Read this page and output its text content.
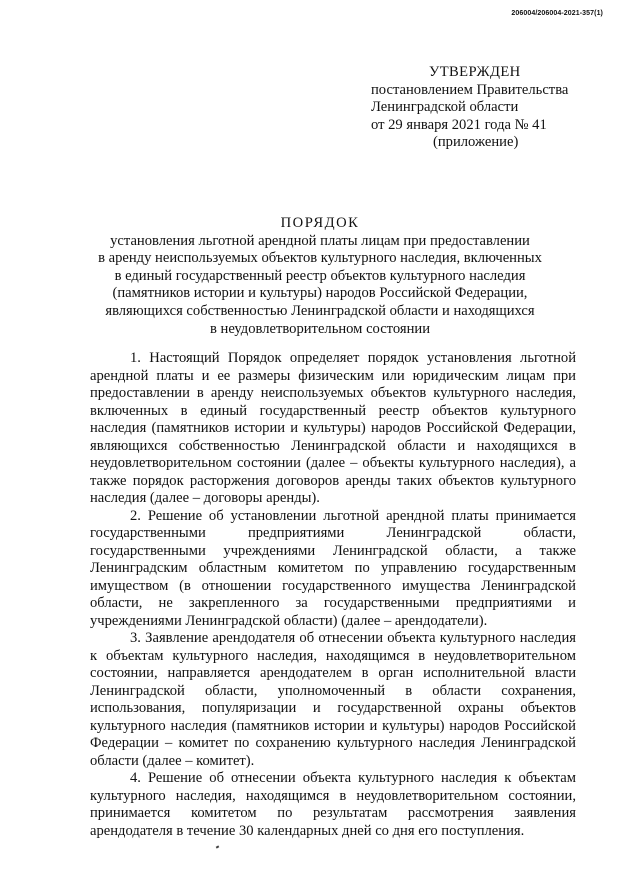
206004/206004-2021-357(1)
УТВЕРЖДЕН
постановлением Правительства
Ленинградской области
от 29 января 2021 года № 41
(приложение)
ПОРЯДОК
установления льготной арендной платы лицам при предоставлении
в аренду неиспользуемых объектов культурного наследия, включенных
в единый государственный реестр объектов культурного наследия
(памятников истории и культуры) народов Российской Федерации,
являющихся собственностью Ленинградской области и находящихся
в неудовлетворительном состоянии

1. Настоящий Порядок определяет порядок установления льготной арендной платы и ее размеры физическим или юридическим лицам при предоставлении в аренду неиспользуемых объектов культурного наследия, включенных в единый государственный реестр объектов культурного наследия (памятников истории и культуры) народов Российской Федерации, являющихся собственностью Ленинградской области и находящихся в неудовлетворительном состоянии (далее – объекты культурного наследия), а также порядок расторжения договоров аренды таких объектов культурного наследия (далее – договоры аренды).

2. Решение об установлении льготной арендной платы принимается государственными предприятиями Ленинградской области, государственными учреждениями Ленинградской области, а также Ленинградским областным комитетом по управлению государственным имуществом (в отношении государственного имущества Ленинградской области, не закрепленного за государственными предприятиями и учреждениями Ленинградской области) (далее – арендодатели).

3. Заявление арендодателя об отнесении объекта культурного наследия к объектам культурного наследия, находящимся в неудовлетворительном состоянии, направляется арендодателем в орган исполнительной власти Ленинградской области, уполномоченный в области сохранения, использования, популяризации и государственной охраны объектов культурного наследия (памятников истории и культуры) народов Российской Федерации – комитет по сохранению культурного наследия Ленинградской области (далее – комитет).

4. Решение об отнесении объекта культурного наследия к объектам культурного наследия, находящимся в неудовлетворительном состоянии, принимается комитетом по результатам рассмотрения заявления арендодателя в течение 30 календарных дней со дня его поступления.
